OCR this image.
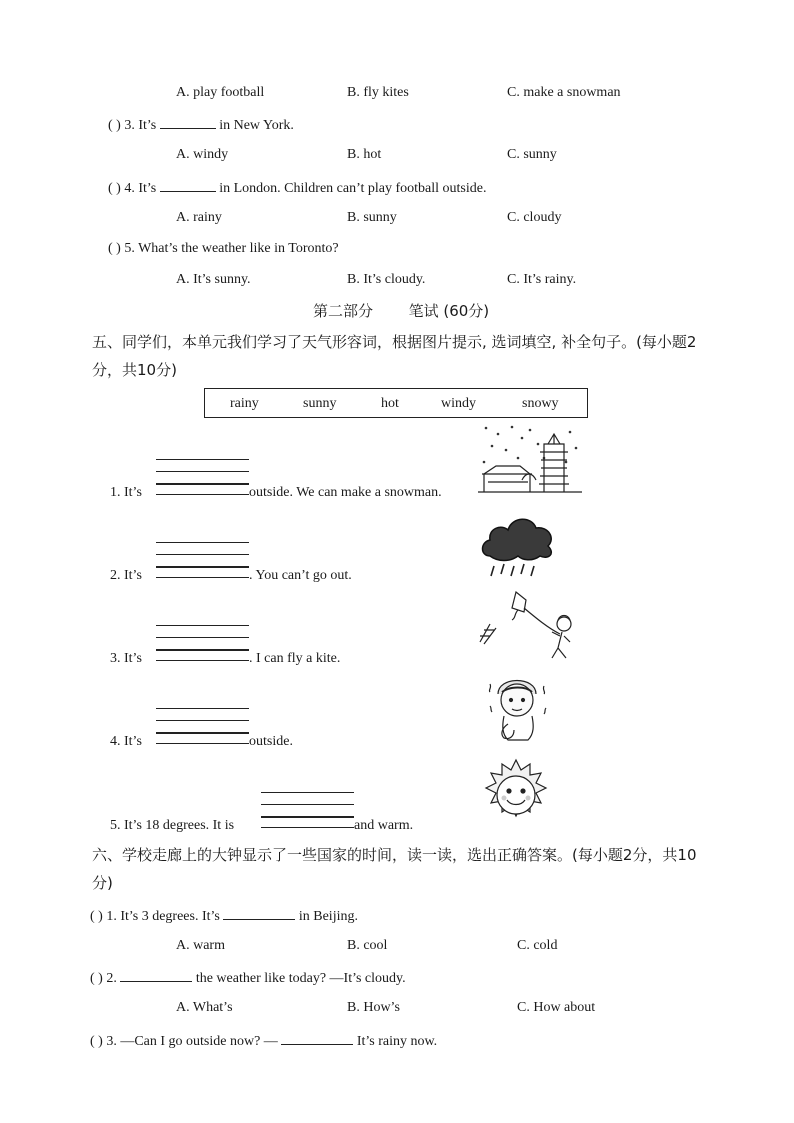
A. play football	B. fly kites	C. make a snowman
( ) 3. It’s	in New York.
A. windy	B. hot	C. sunny
( ) 4. It’s	in London. Children can’t play football outside.
A. rainy	B. sunny	C. cloudy
( ) 5. What’s the weather like in Toronto?
A. It’s sunny.	B. It’s cloudy.	C. It’s rainy.
第二部分 笔试 (60分)
五、同学们，本单元我们学习了天气形容词，根据图片提示, 选词填空, 补全句子。(每小题2分，共10分)
rainy	sunny	hot	windy	snowy
1. It’s	outside. We can make a snowman.
2. It’s	. You can’t go out.
3. It’s	. I can fly a kite.
4. It’s	outside.
5. It’s 18 degrees. It is	and warm.
六、学校走廊上的大钟显示了一些国家的时间，读一读，选出正确答案。(每小题2分，共10分)
( ) 1. It’s 3 degrees. It’s	in Beijing.
A. warm	B. cool	C. cold
( ) 2.	the weather like today? —It’s cloudy.
A. What’s	B. How’s	C. How about
( ) 3. —Can I go outside now? —	It’s rainy now.
